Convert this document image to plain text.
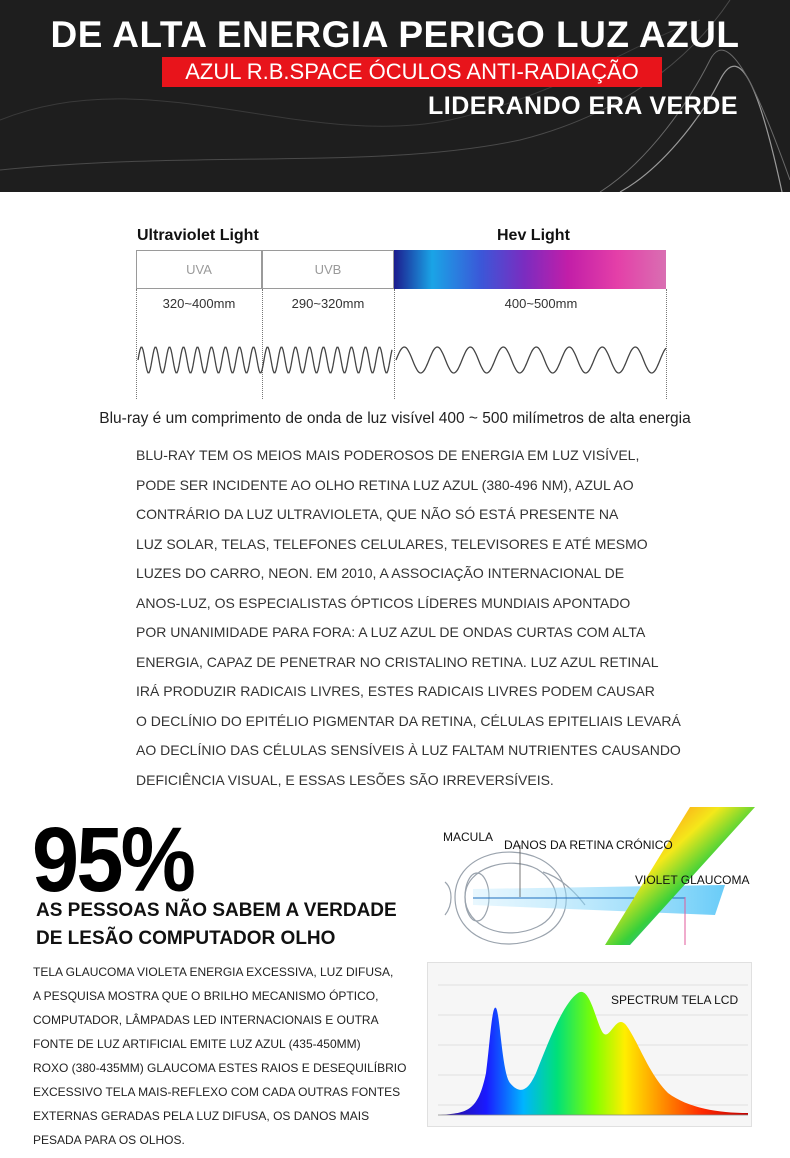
DE ALTA ENERGIA PERIGO LUZ AZUL
AZUL R.B.SPACE ÓCULOS ANTI-RADIAÇÃO
LIDERANDO ERA VERDE
Ultraviolet Light	Hev Light
UVA	UVB
320~400mm	290~320mm	400~500mm
Blu-ray é um comprimento de onda de luz visível 400 ~ 500 milímetros de alta energia
BLU-RAY TEM OS MEIOS MAIS PODEROSOS DE ENERGIA EM LUZ VISÍVEL,
PODE SER INCIDENTE AO OLHO RETINA LUZ AZUL (380-496 NM), AZUL AO
CONTRÁRIO DA LUZ ULTRAVIOLETA, QUE NÃO SÓ ESTÁ PRESENTE NA
LUZ SOLAR, TELAS, TELEFONES CELULARES, TELEVISORES E ATÉ MESMO
LUZES DO CARRO, NEON. EM 2010, A ASSOCIAÇÃO INTERNACIONAL DE
ANOS-LUZ, OS ESPECIALISTAS ÓPTICOS LÍDERES MUNDIAIS APONTADO
POR UNANIMIDADE PARA FORA: A LUZ AZUL DE ONDAS CURTAS COM ALTA
ENERGIA, CAPAZ DE PENETRAR NO CRISTALINO RETINA. LUZ AZUL RETINAL
IRÁ PRODUZIR RADICAIS LIVRES, ESTES RADICAIS LIVRES PODEM CAUSAR
O DECLÍNIO DO EPITÉLIO PIGMENTAR DA RETINA, CÉLULAS EPITELIAIS LEVARÁ
AO DECLÍNIO DAS CÉLULAS SENSÍVEIS À LUZ FALTAM NUTRIENTES CAUSANDO
DEFICIÊNCIA VISUAL, E ESSAS LESÕES SÃO IRREVERSÍVEIS.
95%
AS PESSOAS NÃO SABEM A VERDADE
DE LESÃO COMPUTADOR OLHO
TELA GLAUCOMA VIOLETA ENERGIA EXCESSIVA, LUZ DIFUSA,
A PESQUISA MOSTRA QUE O BRILHO MECANISMO ÓPTICO,
COMPUTADOR, LÂMPADAS LED INTERNACIONAIS E OUTRA
FONTE DE LUZ ARTIFICIAL EMITE LUZ AZUL (435-450MM)
ROXO (380-435MM) GLAUCOMA ESTES RAIOS E DESEQUILÍBRIO
EXCESSIVO TELA MAIS-REFLEXO COM CADA OUTRAS FONTES
EXTERNAS GERADAS PELA LUZ DIFUSA, OS DANOS MAIS
PESADA PARA OS OLHOS.
MACULA
DANOS DA RETINA CRÓNICO
VIOLET GLAUCOMA
SPECTRUM TELA LCD
